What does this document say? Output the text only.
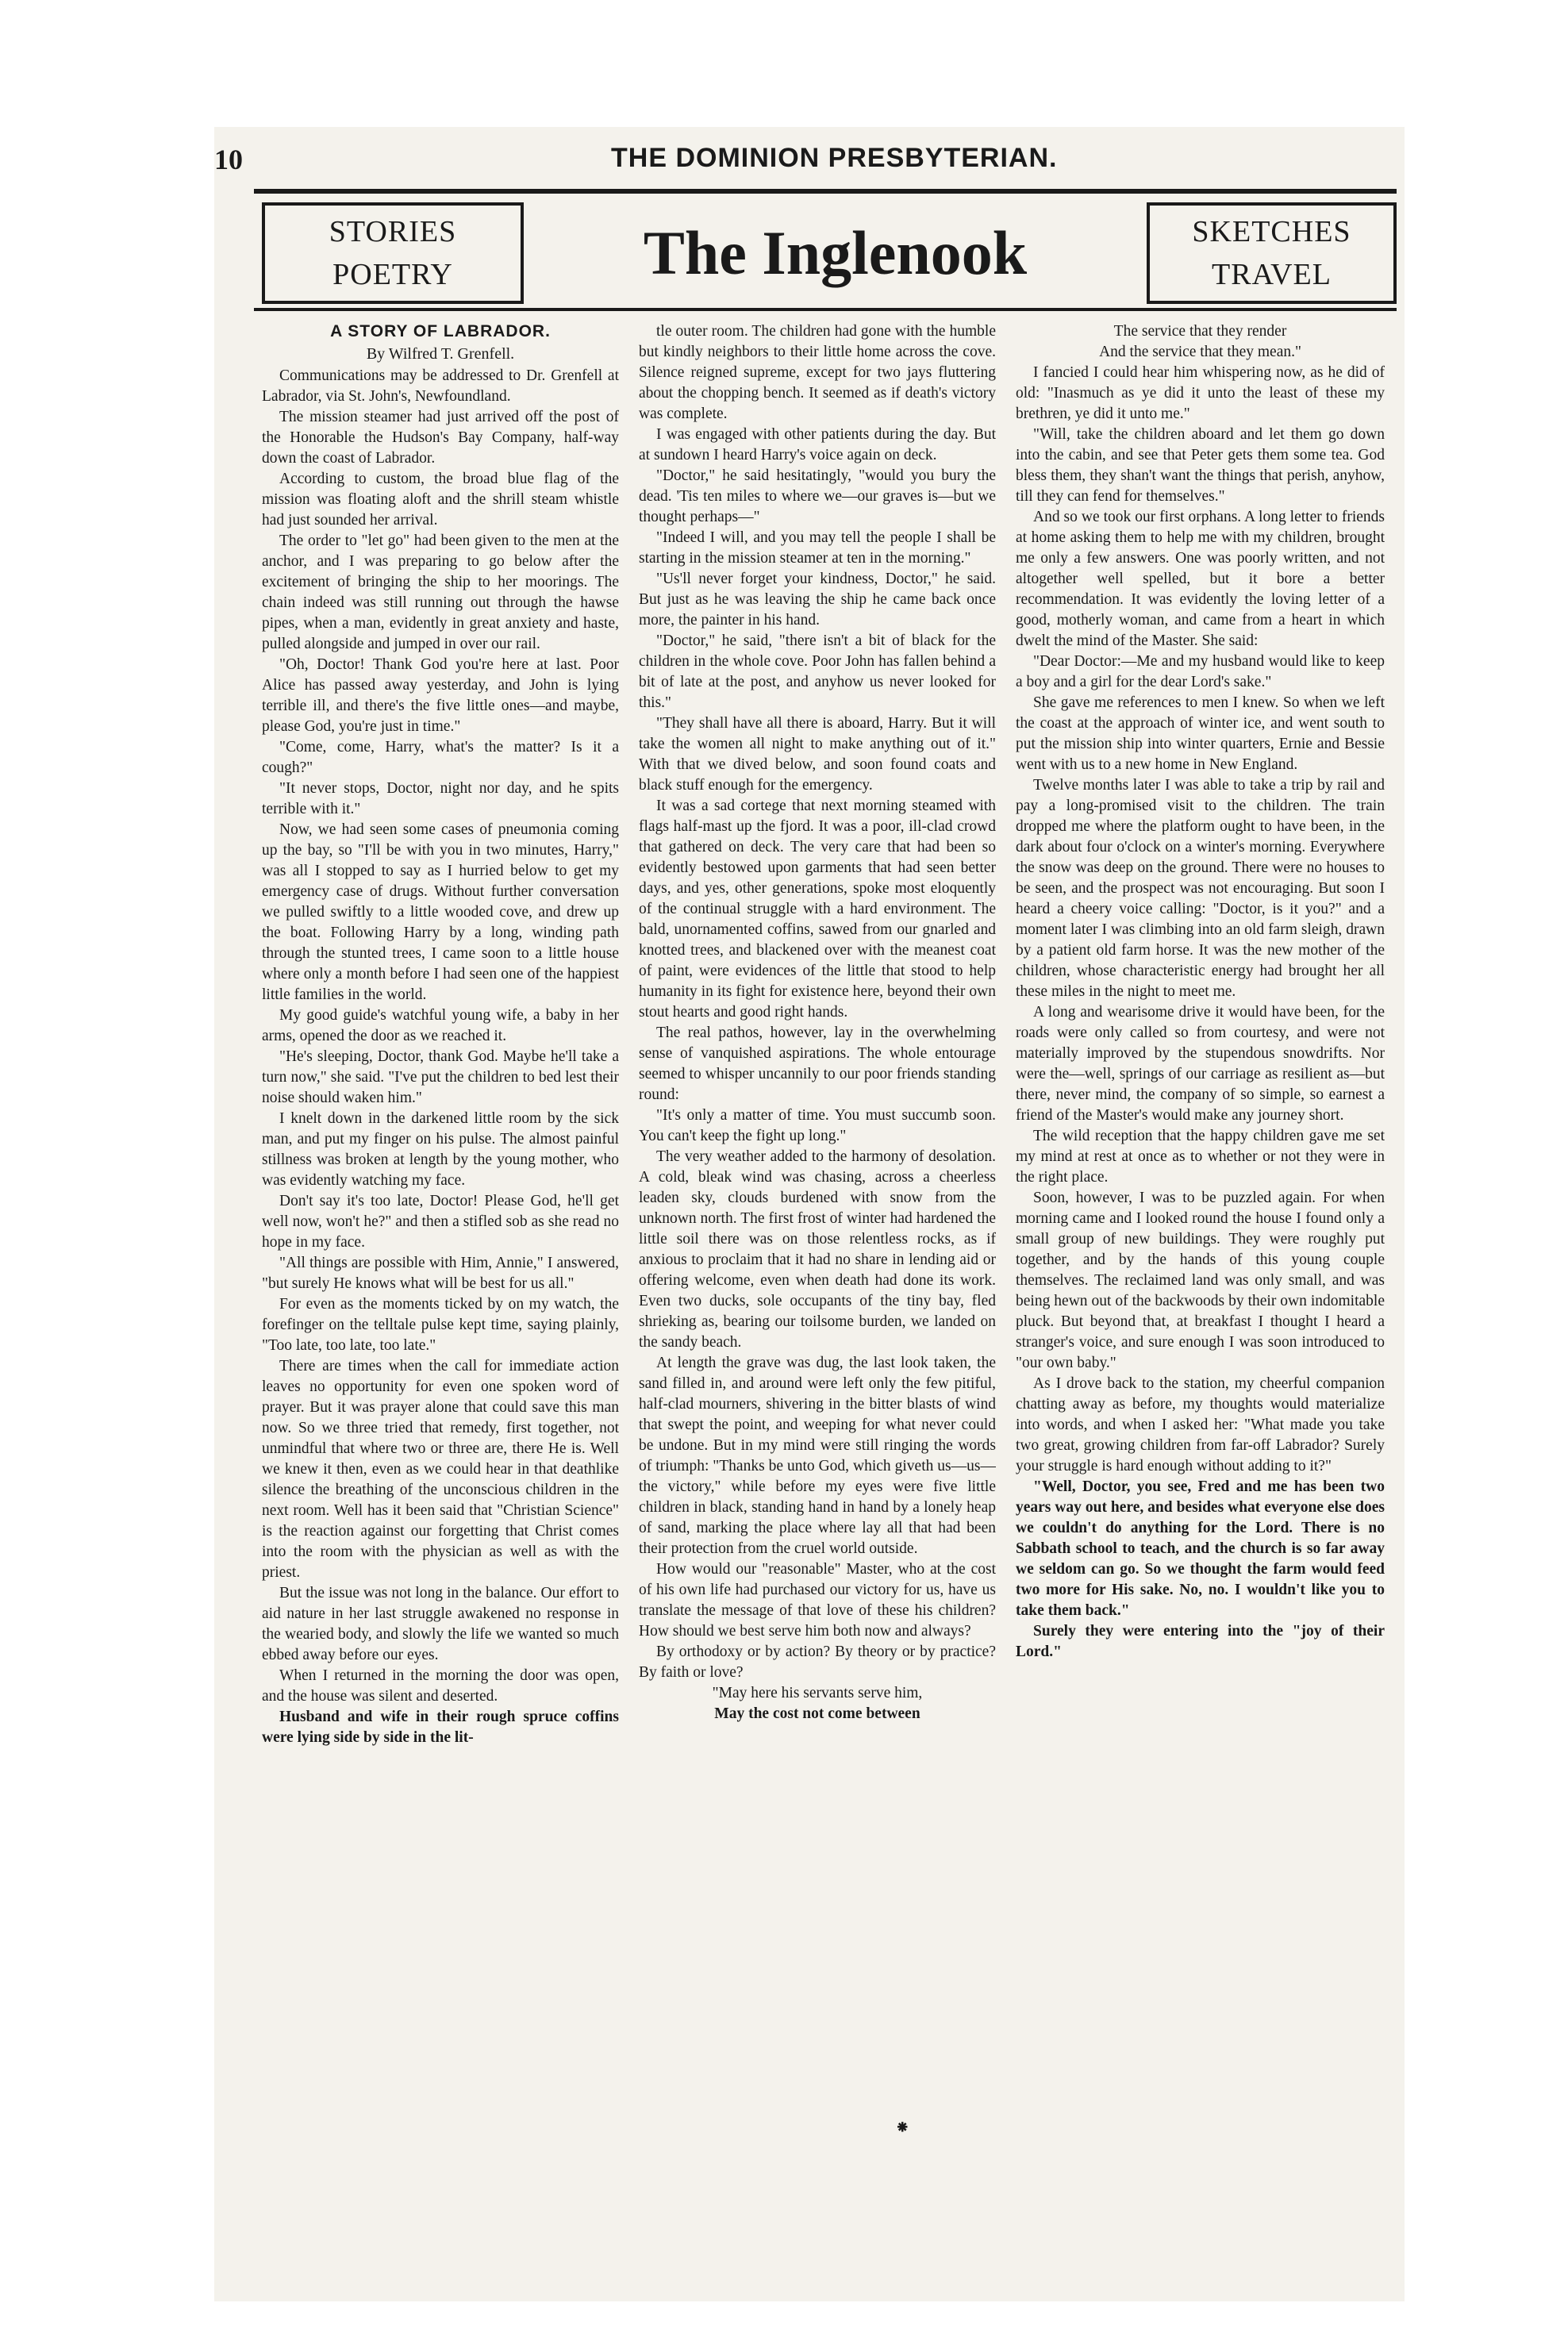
10	THE DOMINION PRESBYTERIAN.
STORIES
POETRY	The Inglenook	SKETCHES
TRAVEL
A STORY OF LABRADOR.
By Wilfred T. Grenfell.

Communications may be addressed to Dr. Grenfell at Labrador, via St. John's, Newfoundland.

The mission steamer had just arrived off the post of the Honorable the Hudson's Bay Company, half-way down the coast of Labrador.

According to custom, the broad blue flag of the mission was floating aloft and the shrill steam whistle had just sounded her arrival.

The order to "let go" had been given to the men at the anchor, and I was preparing to go below after the excitement of bringing the ship to her moorings. The chain indeed was still running out through the hawse pipes, when a man, evidently in great anxiety and haste, pulled alongside and jumped in over our rail.

"Oh, Doctor! Thank God you're here at last. Poor Alice has passed away yesterday, and John is lying terrible ill, and there's the five little ones—and maybe, please God, you're just in time."

"Come, come, Harry, what's the matter? Is it a cough?"

"It never stops, Doctor, night nor day, and he spits terrible with it."

Now, we had seen some cases of pneumonia coming up the bay, so "I'll be with you in two minutes, Harry," was all I stopped to say as I hurried below to get my emergency case of drugs. Without further conversation we pulled swiftly to a little wooded cove, and drew up the boat. Following Harry by a long, winding path through the stunted trees, I came soon to a little house where only a month before I had seen one of the happiest little families in the world.

My good guide's watchful young wife, a baby in her arms, opened the door as we reached it.

"He's sleeping, Doctor, thank God. Maybe he'll take a turn now," she said. "I've put the children to bed lest their noise should waken him."

I knelt down in the darkened little room by the sick man, and put my finger on his pulse. The almost painful stillness was broken at length by the young mother, who was evidently watching my face.

Don't say it's too late, Doctor! Please God, he'll get well now, won't he?" and then a stifled sob as she read no hope in my face.

"All things are possible with Him, Annie," I answered, "but surely He knows what will be best for us all."

For even as the moments ticked by on my watch, the forefinger on the telltale pulse kept time, saying plainly, "Too late, too late, too late."

There are times when the call for immediate action leaves no opportunity for even one spoken word of prayer. But it was prayer alone that could save this man now. So we three tried that remedy, first together, not unmindful that where two or three are, there He is. Well we knew it then, even as we could hear in that deathlike silence the breathing of the unconscious children in the next room. Well has it been said that "Christian Science" is the reaction against our forgetting that Christ comes into the room with the physician as well as with the priest.

But the issue was not long in the balance. Our effort to aid nature in her last struggle awakened no response in the wearied body, and slowly the life we wanted so much ebbed away before our eyes.

When I returned in the morning the door was open, and the house was silent and deserted.

Husband and wife in their rough spruce coffins were lying side by side in the lit-

tle outer room. The children had gone with the humble but kindly neighbors to their little home across the cove. Silence reigned supreme, except for two jays fluttering about the chopping bench. It seemed as if death's victory was complete.

I was engaged with other patients during the day. But at sundown I heard Harry's voice again on deck.

"Doctor," he said hesitatingly, "would you bury the dead. 'Tis ten miles to where we—our graves is—but we thought perhaps—"

"Indeed I will, and you may tell the people I shall be starting in the mission steamer at ten in the morning."

"Us'll never forget your kindness, Doctor," he said. But just as he was leaving the ship he came back once more, the painter in his hand.

"Doctor," he said, "there isn't a bit of black for the children in the whole cove. Poor John has fallen behind a bit of late at the post, and anyhow us never looked for this."

"They shall have all there is aboard, Harry. But it will take the women all night to make anything out of it." With that we dived below, and soon found coats and black stuff enough for the emergency.

It was a sad cortege that next morning steamed with flags half-mast up the fjord. It was a poor, ill-clad crowd that gathered on deck. The very care that had been so evidently bestowed upon garments that had seen better days, and yes, other generations, spoke most eloquently of the continual struggle with a hard environment. The bald, unornamented coffins, sawed from our gnarled and knotted trees, and blackened over with the meanest coat of paint, were evidences of the little that stood to help humanity in its fight for existence here, beyond their own stout hearts and good right hands.

The real pathos, however, lay in the overwhelming sense of vanquished aspirations. The whole entourage seemed to whisper uncannily to our poor friends standing round:

"It's only a matter of time. You must succumb soon. You can't keep the fight up long."

The very weather added to the harmony of desolation. A cold, bleak wind was chasing, across a cheerless leaden sky, clouds burdened with snow from the unknown north. The first frost of winter had hardened the little soil there was on those relentless rocks, as if anxious to proclaim that it had no share in lending aid or offering welcome, even when death had done its work. Even two ducks, sole occupants of the tiny bay, fled shrieking as, bearing our toilsome burden, we landed on the sandy beach.

At length the grave was dug, the last look taken, the sand filled in, and around were left only the few pitiful, half-clad mourners, shivering in the bitter blasts of wind that swept the point, and weeping for what never could be undone. But in my mind were still ringing the words of triumph: "Thanks be unto God, which giveth us—us—the victory," while before my eyes were five little children in black, standing hand in hand by a lonely heap of sand, marking the place where lay all that had been their protection from the cruel world outside.

How would our "reasonable" Master, who at the cost of his own life had purchased our victory for us, have us translate the message of that love of these his children? How should we best serve him both now and always?

By orthodoxy or by action? By theory or by practice? By faith or love?

"May here his servants serve him,

May the cost not come between

The service that they render

And the service that they mean."

I fancied I could hear him whispering now, as he did of old: "Inasmuch as ye did it unto the least of these my brethren, ye did it unto me."

"Will, take the children aboard and let them go down into the cabin, and see that Peter gets them some tea. God bless them, they shan't want the things that perish, anyhow, till they can fend for themselves."

And so we took our first orphans. A long letter to friends at home asking them to help me with my children, brought me only a few answers. One was poorly written, and not altogether well spelled, but it bore a better recommendation. It was evidently the loving letter of a good, motherly woman, and came from a heart in which dwelt the mind of the Master. She said:

"Dear Doctor:—Me and my husband would like to keep a boy and a girl for the dear Lord's sake."

She gave me references to men I knew. So when we left the coast at the approach of winter ice, and went south to put the mission ship into winter quarters, Ernie and Bessie went with us to a new home in New England.

Twelve months later I was able to take a trip by rail and pay a long-promised visit to the children. The train dropped me where the platform ought to have been, in the dark about four o'clock on a winter's morning. Everywhere the snow was deep on the ground. There were no houses to be seen, and the prospect was not encouraging. But soon I heard a cheery voice calling: "Doctor, is it you?" and a moment later I was climbing into an old farm sleigh, drawn by a patient old farm horse. It was the new mother of the children, whose characteristic energy had brought her all these miles in the night to meet me.

A long and wearisome drive it would have been, for the roads were only called so from courtesy, and were not materially improved by the stupendous snowdrifts. Nor were the—well, springs of our carriage as resilient as—but there, never mind, the company of so simple, so earnest a friend of the Master's would make any journey short.

The wild reception that the happy children gave me set my mind at rest at once as to whether or not they were in the right place.

Soon, however, I was to be puzzled again. For when morning came and I looked round the house I found only a small group of new buildings. They were roughly put together, and by the hands of this young couple themselves. The reclaimed land was only small, and was being hewn out of the backwoods by their own indomitable pluck. But beyond that, at breakfast I thought I heard a stranger's voice, and sure enough I was soon introduced to "our own baby."

As I drove back to the station, my cheerful companion chatting away as before, my thoughts would materialize into words, and when I asked her: "What made you take two great, growing children from far-off Labrador? Surely your struggle is hard enough without adding to it?"

"Well, Doctor, you see, Fred and me has been two years way out here, and besides what everyone else does we couldn't do anything for the Lord. There is no Sabbath school to teach, and the church is so far away we seldom can go. So we thought the farm would feed two more for His sake. No, no. I wouldn't like you to take them back."

Surely they were entering into the "joy of their Lord."

⁕
